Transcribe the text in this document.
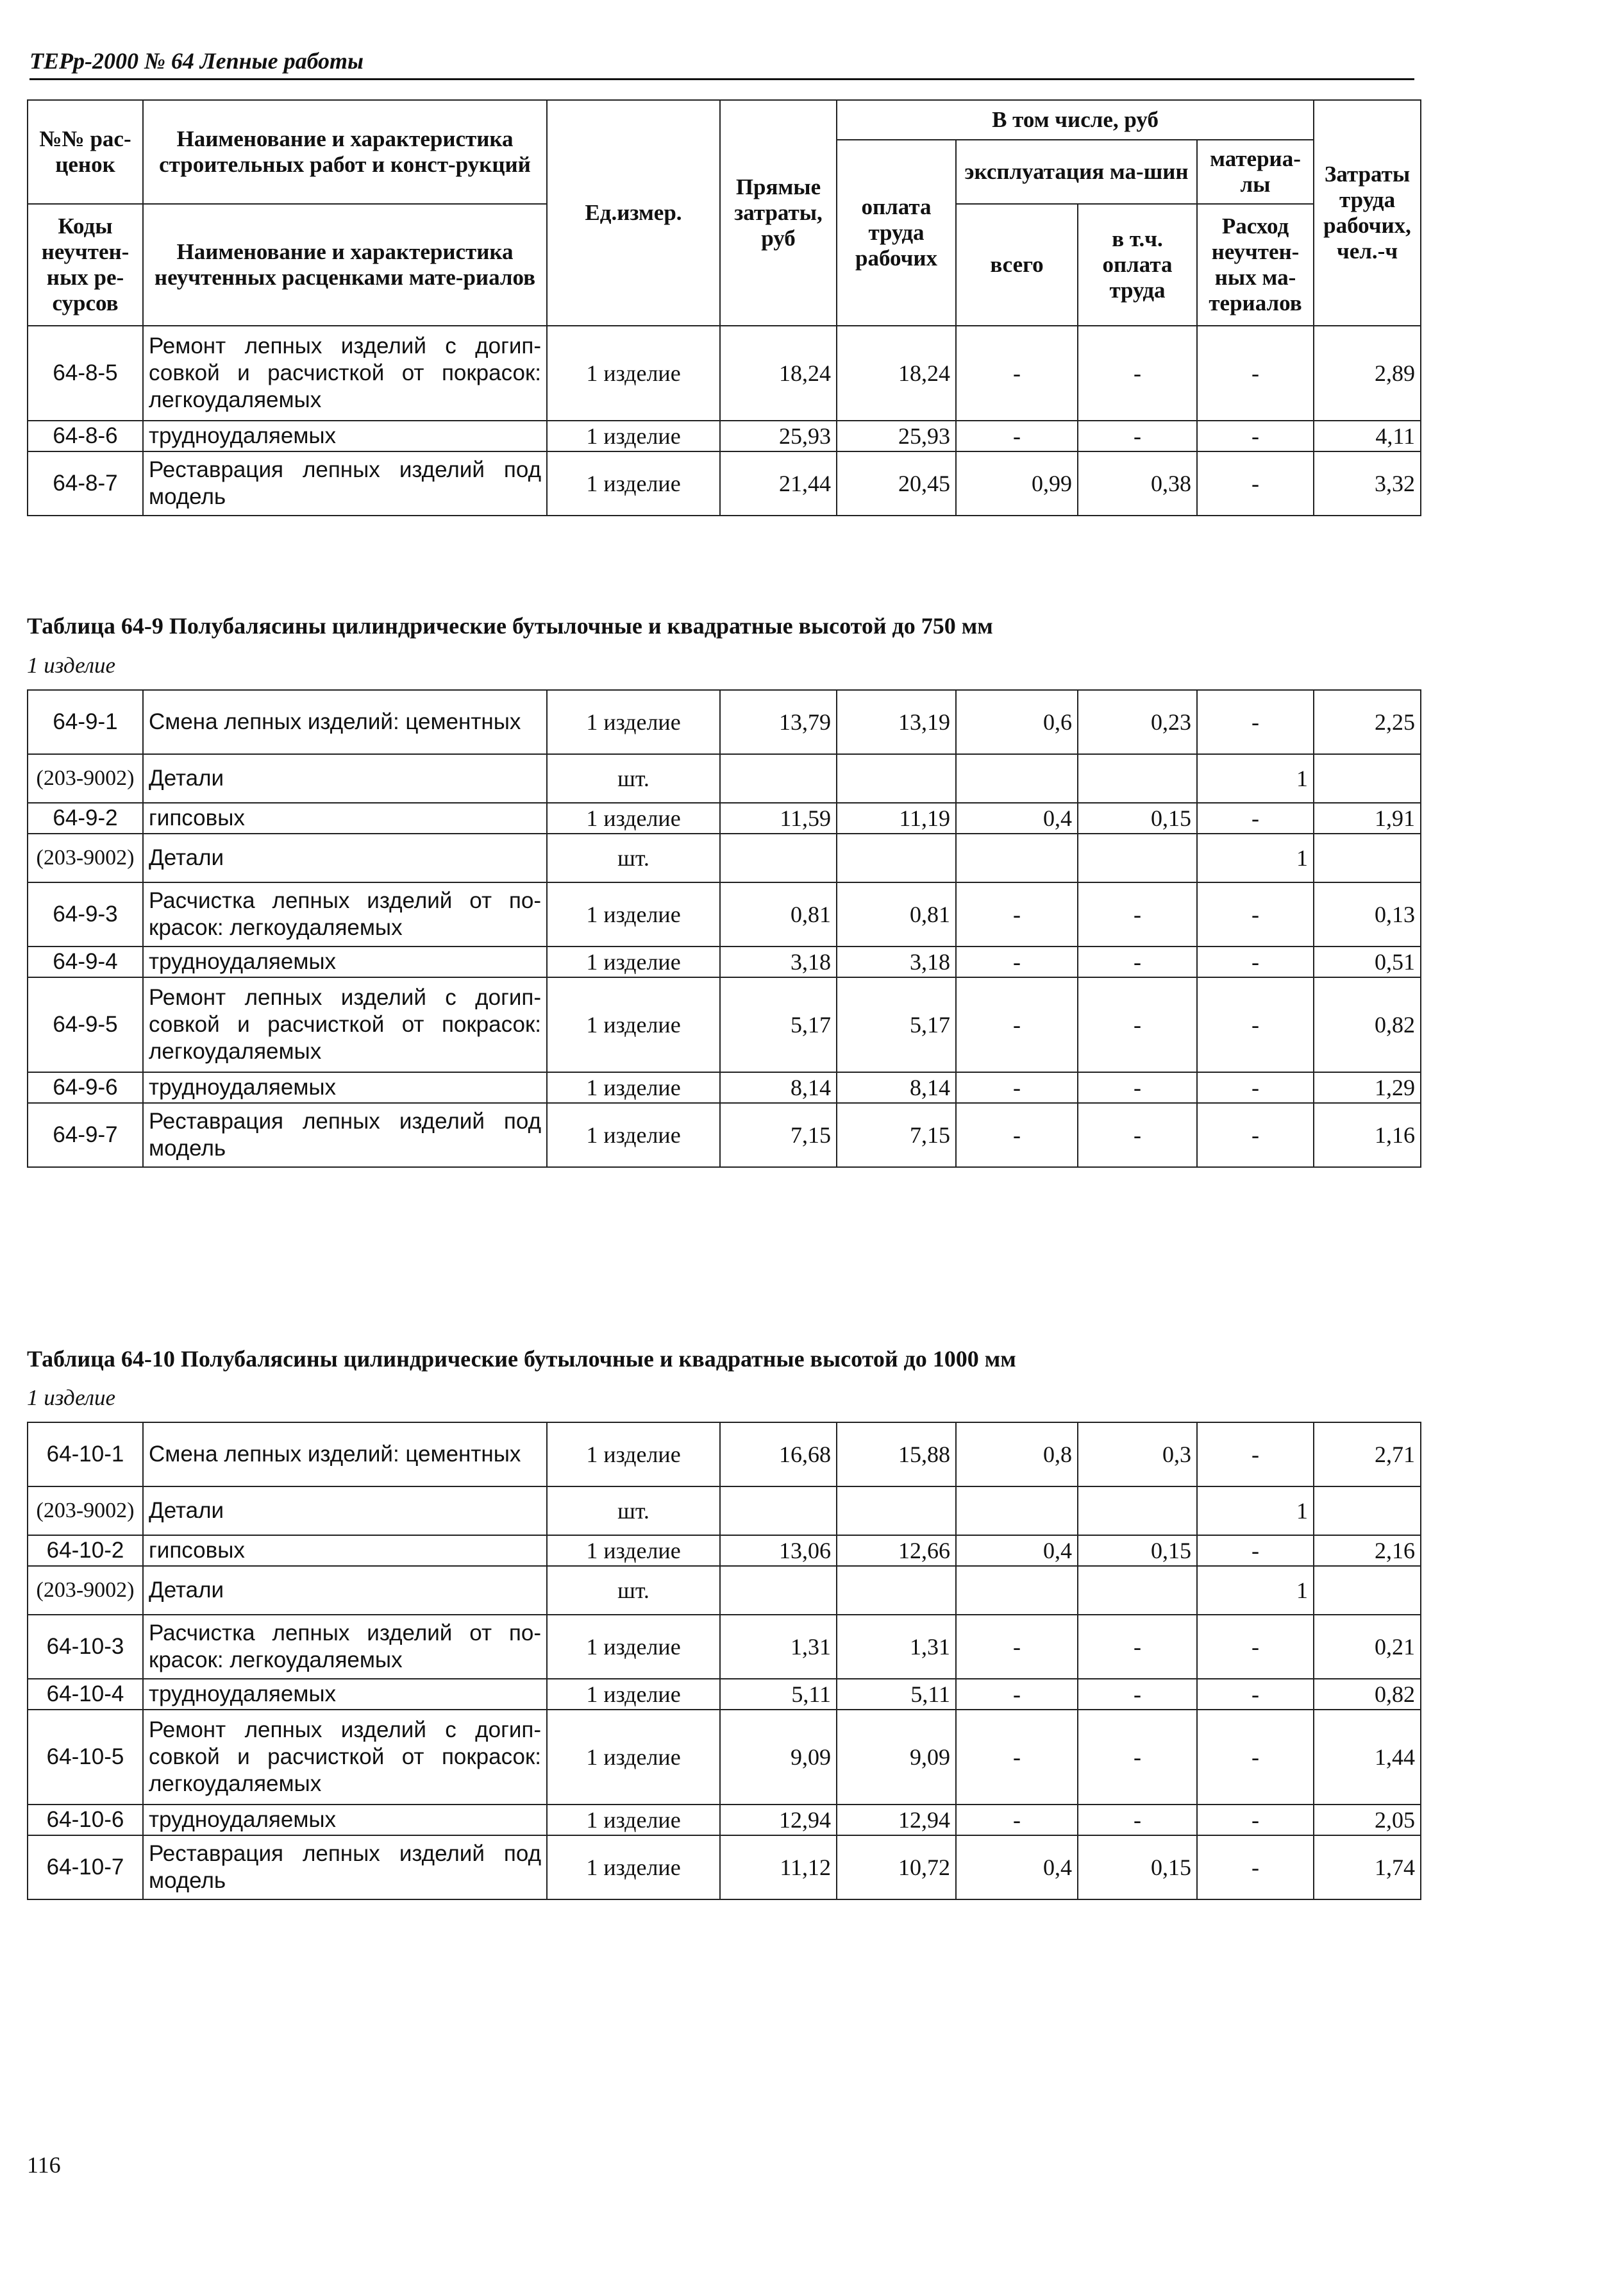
ТЕРр-2000 № 64 Лепные работы
№№ рас-ценок	Наименование и характеристика строительных работ и конст-рукций	Ед.измер.	Прямые затраты, руб	В том числе, руб				Затраты труда рабочих, чел.-ч
				оплата труда рабочих	эксплуатация ма-шин		материа-лы	
Коды неучтен-ных ре-сурсов	Наименование и характеристика неучтенных расценками мате-риалов				всего	в т.ч. оплата труда	Расход неучтен-ных ма-териалов	

64-8-5	Ремонт лепных изделий с догип-совкой и расчисткой от покрасок: легкоудаляемых	1 изделие	18,24	18,24	-	-	-	2,89
64-8-6	трудноудаляемых	1 изделие	25,93	25,93	-	-	-	4,11
64-8-7	Реставрация лепных изделий под модель	1 изделие	21,44	20,45	0,99	0,38	-	3,32
Таблица 64-9 Полубалясины цилиндрические бутылочные и квадратные высотой до 750 мм
1 изделие
64-9-1	Смена лепных изделий: цементных	1 изделие	13,79	13,19	0,6	0,23	-	2,25
(203-9002)	Детали	шт.					1	
64-9-2	гипсовых	1 изделие	11,59	11,19	0,4	0,15	-	1,91
(203-9002)	Детали	шт.					1	
64-9-3	Расчистка лепных изделий от по-красок: легкоудаляемых	1 изделие	0,81	0,81	-	-	-	0,13
64-9-4	трудноудаляемых	1 изделие	3,18	3,18	-	-	-	0,51
64-9-5	Ремонт лепных изделий с догип-совкой и расчисткой от покрасок: легкоудаляемых	1 изделие	5,17	5,17	-	-	-	0,82
64-9-6	трудноудаляемых	1 изделие	8,14	8,14	-	-	-	1,29
64-9-7	Реставрация лепных изделий под модель	1 изделие	7,15	7,15	-	-	-	1,16
Таблица 64-10 Полубалясины цилиндрические бутылочные и квадратные высотой до 1000 мм
1 изделие
64-10-1	Смена лепных изделий: цементных	1 изделие	16,68	15,88	0,8	0,3	-	2,71
(203-9002)	Детали	шт.					1	
64-10-2	гипсовых	1 изделие	13,06	12,66	0,4	0,15	-	2,16
(203-9002)	Детали	шт.					1	
64-10-3	Расчистка лепных изделий от по-красок: легкоудаляемых	1 изделие	1,31	1,31	-	-	-	0,21
64-10-4	трудноудаляемых	1 изделие	5,11	5,11	-	-	-	0,82
64-10-5	Ремонт лепных изделий с догип-совкой и расчисткой от покрасок: легкоудаляемых	1 изделие	9,09	9,09	-	-	-	1,44
64-10-6	трудноудаляемых	1 изделие	12,94	12,94	-	-	-	2,05
64-10-7	Реставрация лепных изделий под модель	1 изделие	11,12	10,72	0,4	0,15	-	1,74
116
